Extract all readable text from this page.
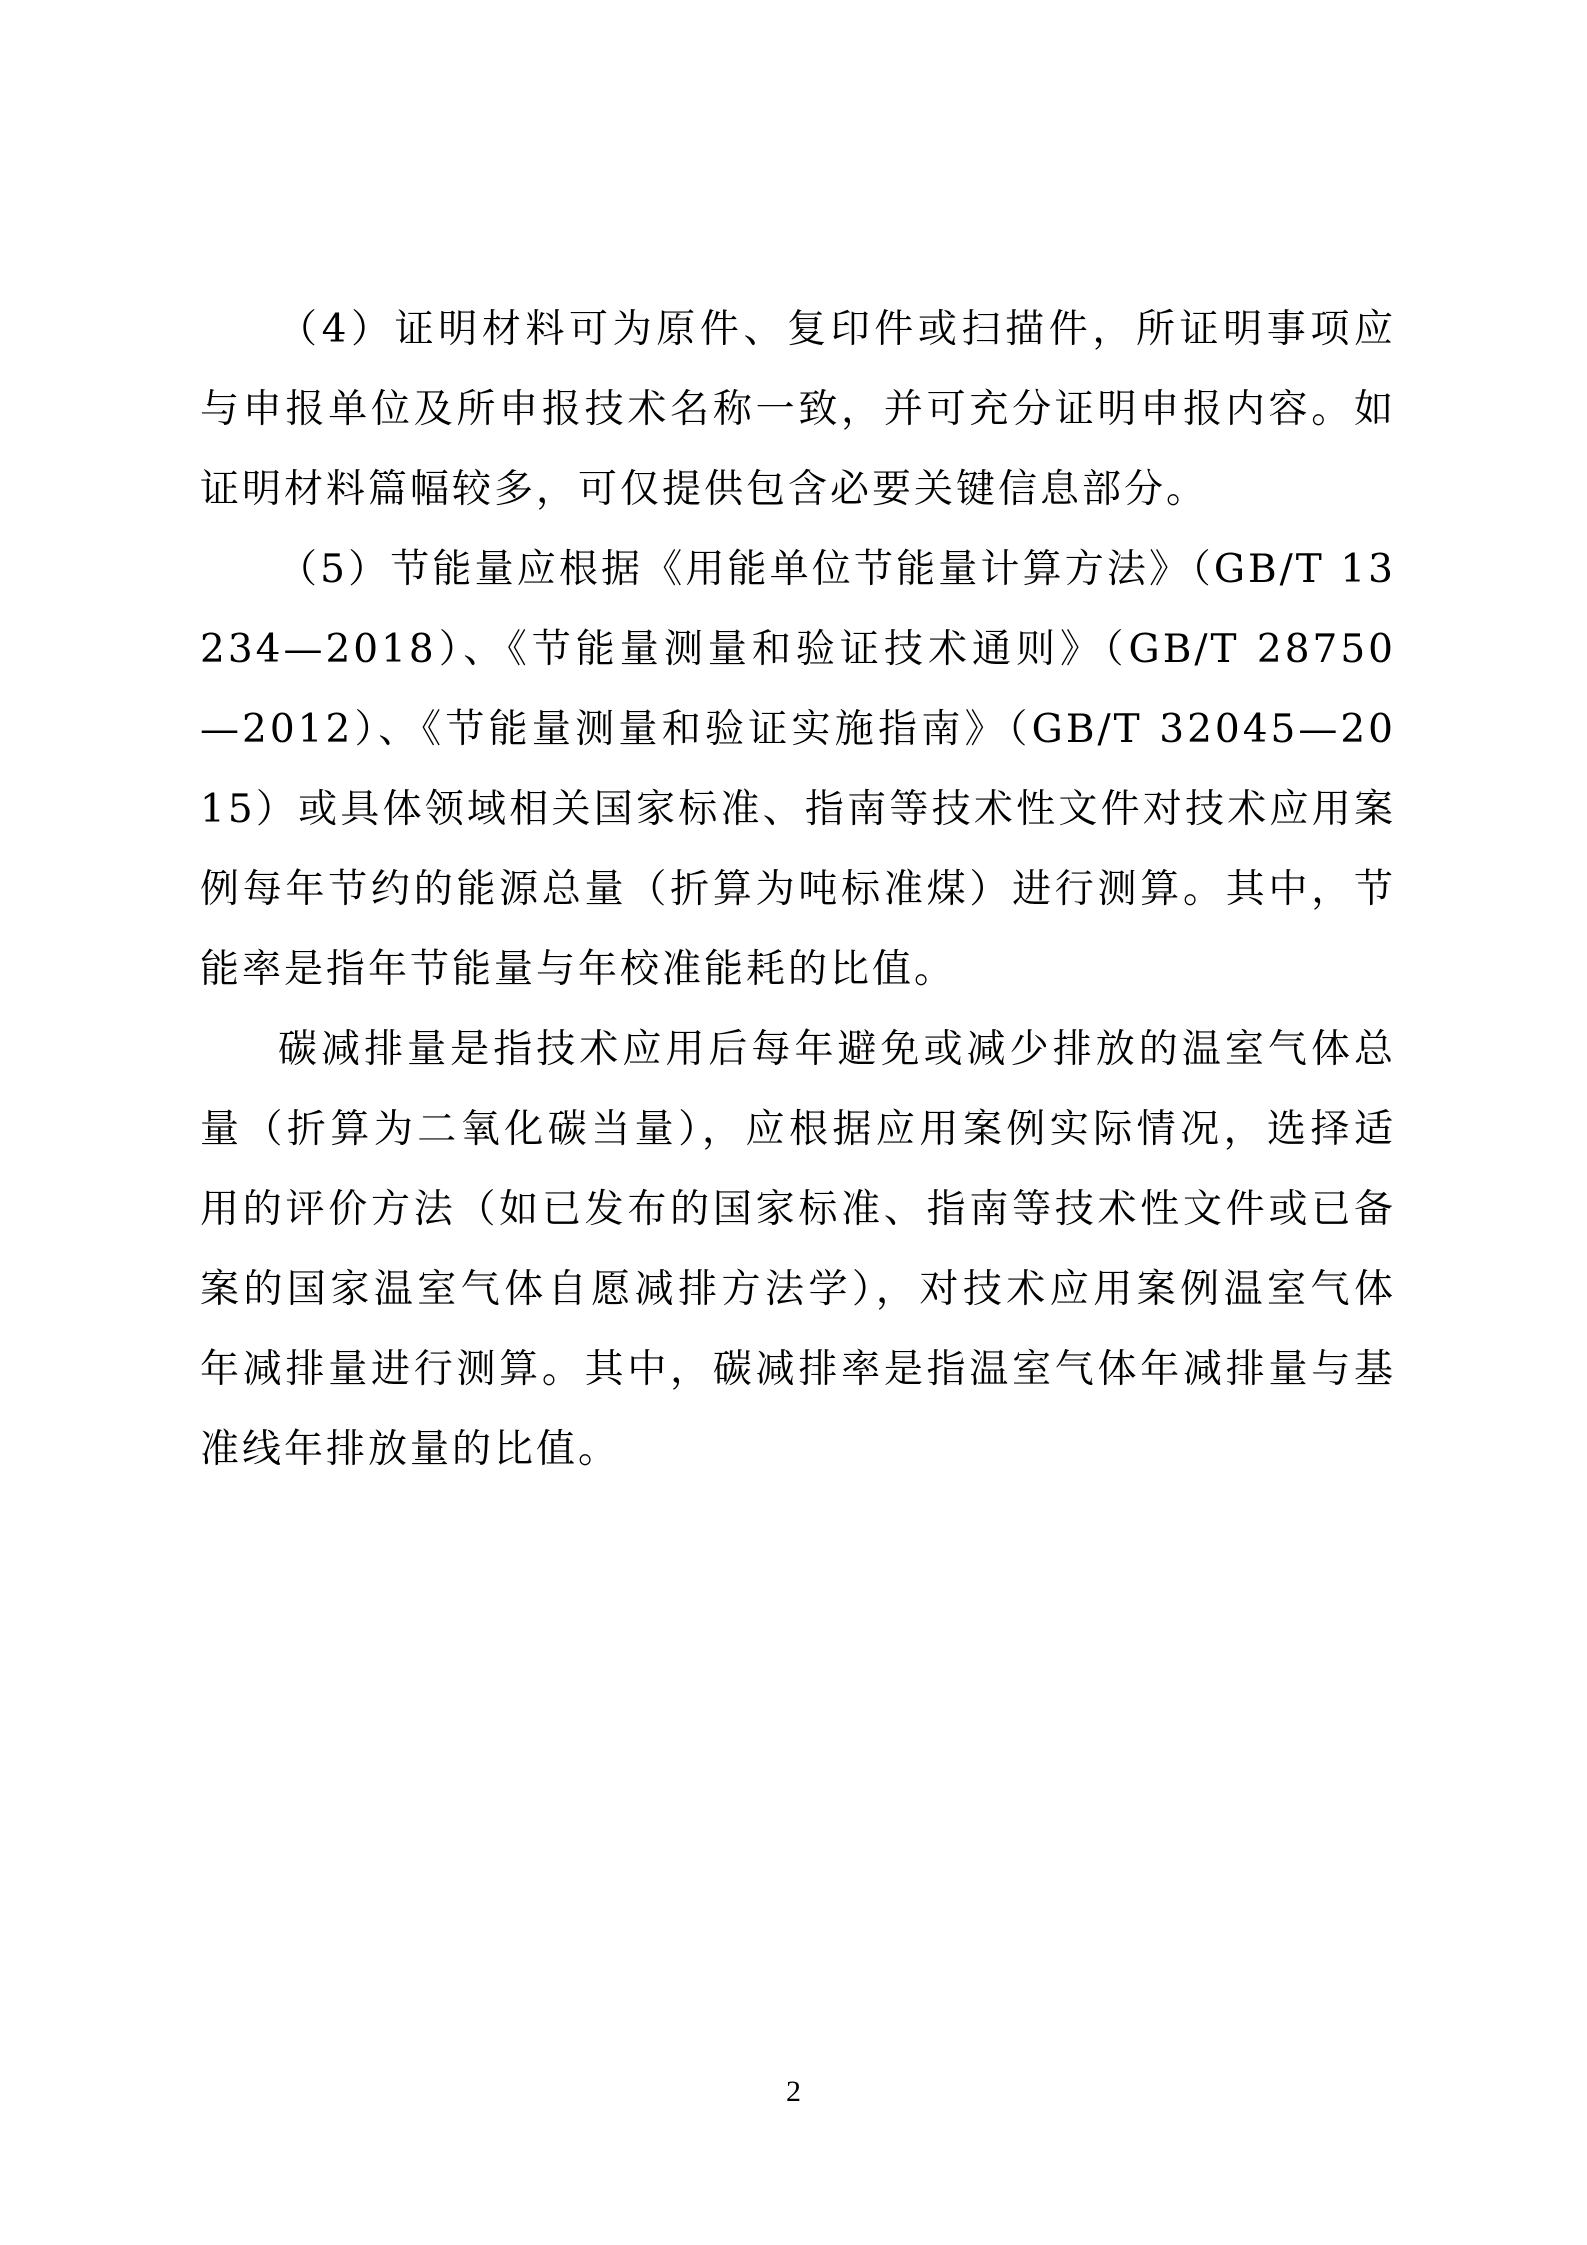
（4）证明材料可为原件、复印件或扫描件，所证明事项应与申报单位及所申报技术名称一致，并可充分证明申报内容。如证明材料篇幅较多，可仅提供包含必要关键信息部分。

（5）节能量应根据《用能单位节能量计算方法》（GB/T 13234—2018）、《节能量测量和验证技术通则》（GB/T 28750—2012）、《节能量测量和验证实施指南》（GB/T 32045—2015）或具体领域相关国家标准、指南等技术性文件对技术应用案例每年节约的能源总量（折算为吨标准煤）进行测算。其中，节能率是指年节能量与年校准能耗的比值。

碳减排量是指技术应用后每年避免或减少排放的温室气体总量（折算为二氧化碳当量），应根据应用案例实际情况，选择适用的评价方法（如已发布的国家标准、指南等技术性文件或已备案的国家温室气体自愿减排方法学），对技术应用案例温室气体年减排量进行测算。其中，碳减排率是指温室气体年减排量与基准线年排放量的比值。

2
